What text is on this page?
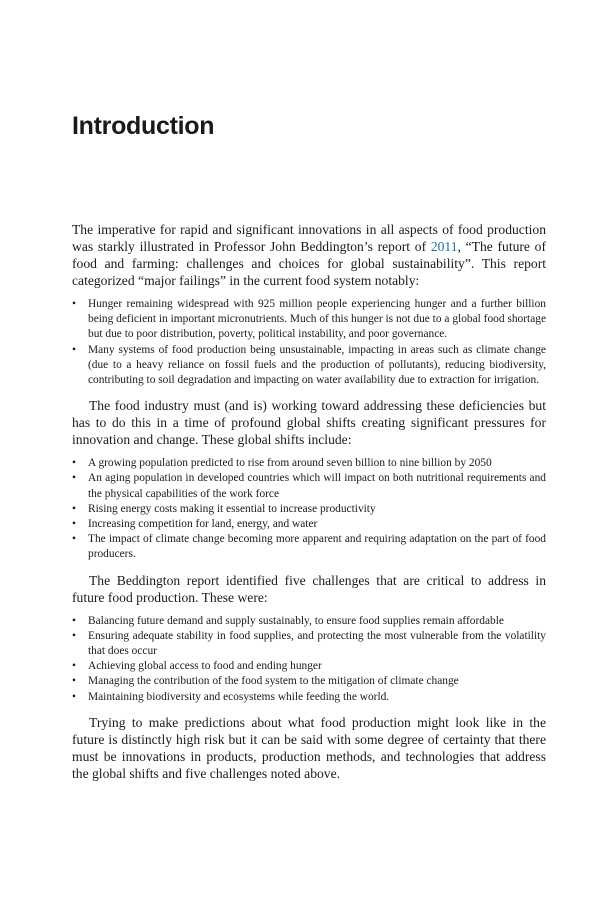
Introduction

The imperative for rapid and significant innovations in all aspects of food production was starkly illustrated in Professor John Beddington’s report of 2011, “The future of food and farming: challenges and choices for global sustainability”. This report categorized “major failings” in the current food system notably:

• Hunger remaining widespread with 925 million people experiencing hunger and a further billion being deficient in important micronutrients. Much of this hunger is not due to a global food shortage but due to poor distribution, poverty, political instability, and poor governance.
• Many systems of food production being unsustainable, impacting in areas such as climate change (due to a heavy reliance on fossil fuels and the production of pollutants), reducing biodiversity, contributing to soil degradation and impacting on water availability due to extraction for irrigation.

The food industry must (and is) working toward addressing these deficiencies but has to do this in a time of profound global shifts creating significant pressures for innovation and change. These global shifts include:

• A growing population predicted to rise from around seven billion to nine billion by 2050
• An aging population in developed countries which will impact on both nutritional requirements and the physical capabilities of the work force
• Rising energy costs making it essential to increase productivity
• Increasing competition for land, energy, and water
• The impact of climate change becoming more apparent and requiring adaptation on the part of food producers.

The Beddington report identified five challenges that are critical to address in future food production. These were:

• Balancing future demand and supply sustainably, to ensure food supplies remain affordable
• Ensuring adequate stability in food supplies, and protecting the most vulnerable from the volatility that does occur
• Achieving global access to food and ending hunger
• Managing the contribution of the food system to the mitigation of climate change
• Maintaining biodiversity and ecosystems while feeding the world.

Trying to make predictions about what food production might look like in the future is distinctly high risk but it can be said with some degree of certainty that there must be innovations in products, production methods, and technologies that address the global shifts and five challenges noted above.
